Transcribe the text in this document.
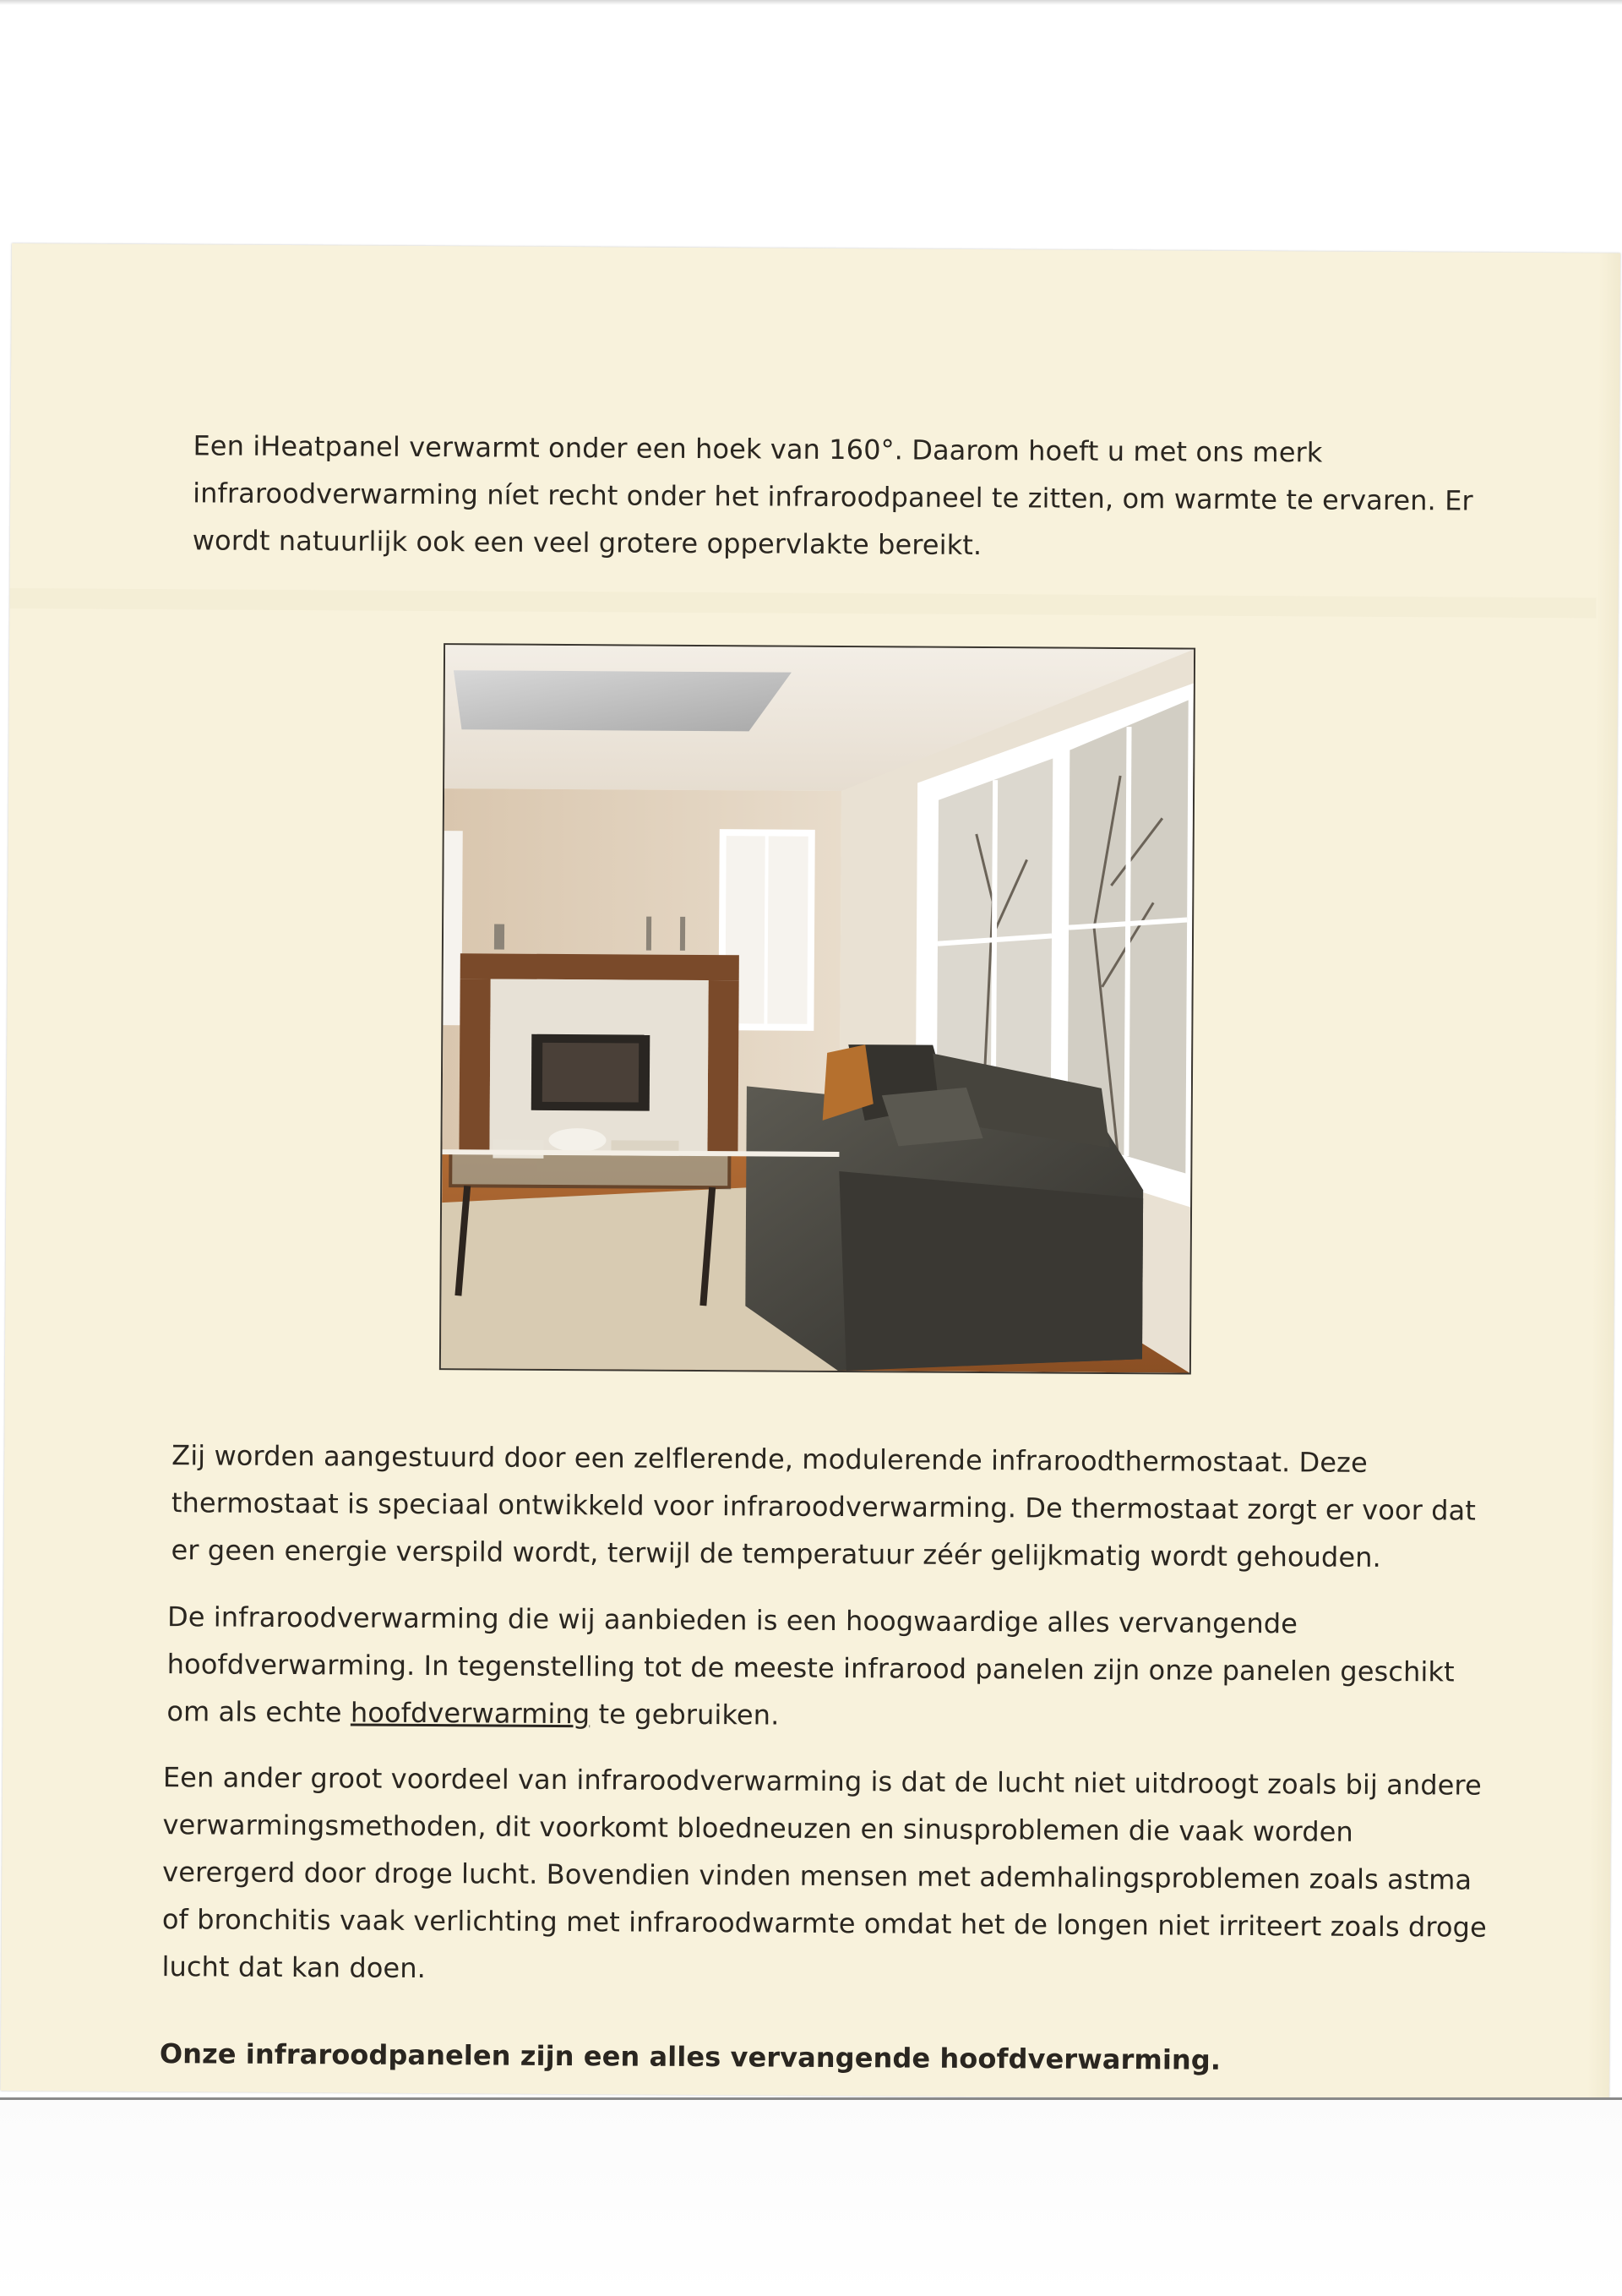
Een iHeatpanel verwarmt onder een hoek van 160°. Daarom hoeft u met ons merk infraroodverwarming níet recht onder het infraroodpaneel te zitten, om warmte te ervaren. Er wordt natuurlijk ook een veel grotere oppervlakte bereikt.

Zij worden aangestuurd door een zelflerende, modulerende infraroodthermostaat. Deze thermostaat is speciaal ontwikkeld voor infraroodverwarming. De thermostaat zorgt er voor dat er geen energie verspild wordt, terwijl de temperatuur zéér gelijkmatig wordt gehouden.

De infraroodverwarming die wij aanbieden is een hoogwaardige alles vervangende hoofdverwarming. In tegenstelling tot de meeste infrarood panelen zijn onze panelen geschikt om als echte hoofdverwarming te gebruiken.

Een ander groot voordeel van infraroodverwarming is dat de lucht niet uitdroogt zoals bij andere verwarmingsmethoden, dit voorkomt bloedneuzen en sinusproblemen die vaak worden verergerd door droge lucht. Bovendien vinden mensen met ademhalingsproblemen zoals astma of bronchitis vaak verlichting met infraroodwarmte omdat het de longen niet irriteert zoals droge lucht dat kan doen.

Onze infraroodpanelen zijn een alles vervangende hoofdverwarming.
